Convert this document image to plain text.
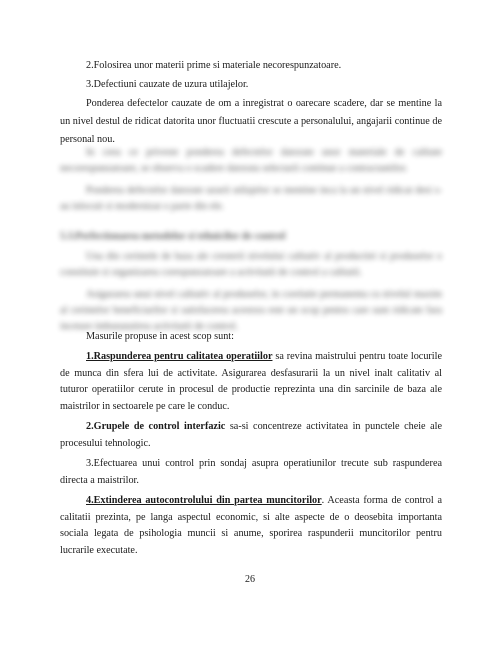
2.Folosirea unor materii prime si materiale necorespunzatoare.

3.Defectiuni cauzate de uzura utilajelor.

Ponderea defectelor cauzate de om a inregistrat o oarecare scadere, dar se mentine la un nivel destul de ridicat datorita unor fluctuatii crescute a personalului, angajarii continue de personal nou.

In ceea ce priveste ponderea defectelor datorate unor materiale de calitate necorespunzatoare, se observa o scadere datorata selectarii continue a contractantilor.

Ponderea defectelor datorate uzurii utilajelor se mentine inca la un nivel ridicat desi s-au inlocuit si modernizat o parte din ele.

5.3.Perfectionarea metodelor si tehnicilor de control

Una din cerintele de baza ale cresterii nivelului calitativ al productiei si produselor o constituie si organizarea corespunzatoare a activitatii de control a calitatii.

Asigurarea unui nivel calitativ al produselor, in corelatie permanenta cu nivelul maxim al cerintelor beneficiarilor si satisfacerea acestora este un scop pentru care sunt ridicate fara incetare imbunatatirea activitatii de control.

Masurile propuse in acest scop sunt:

1.Raspunderea pentru calitatea operatiilor sa revina maistrului pentru toate locurile de munca din sfera lui de activitate. Asigurarea desfasurarii la un nivel inalt calitativ al tuturor operatiilor cerute in procesul de productie reprezinta una din sarcinile de baza ale maistrilor in sectoarele pe care le conduc.

2.Grupele de control interfazic sa-si concentreze activitatea in punctele cheie ale procesului tehnologic.

3.Efectuarea unui control prin sondaj asupra operatiunilor trecute sub raspunderea directa a maistrilor.

4.Extinderea autocontrolului din partea muncitorilor. Aceasta forma de control a calitatii prezinta, pe langa aspectul economic, si alte aspecte de o deosebita importanta sociala legata de psihologia muncii si anume, sporirea raspunderii muncitorilor pentru lucrarile executate.

26
